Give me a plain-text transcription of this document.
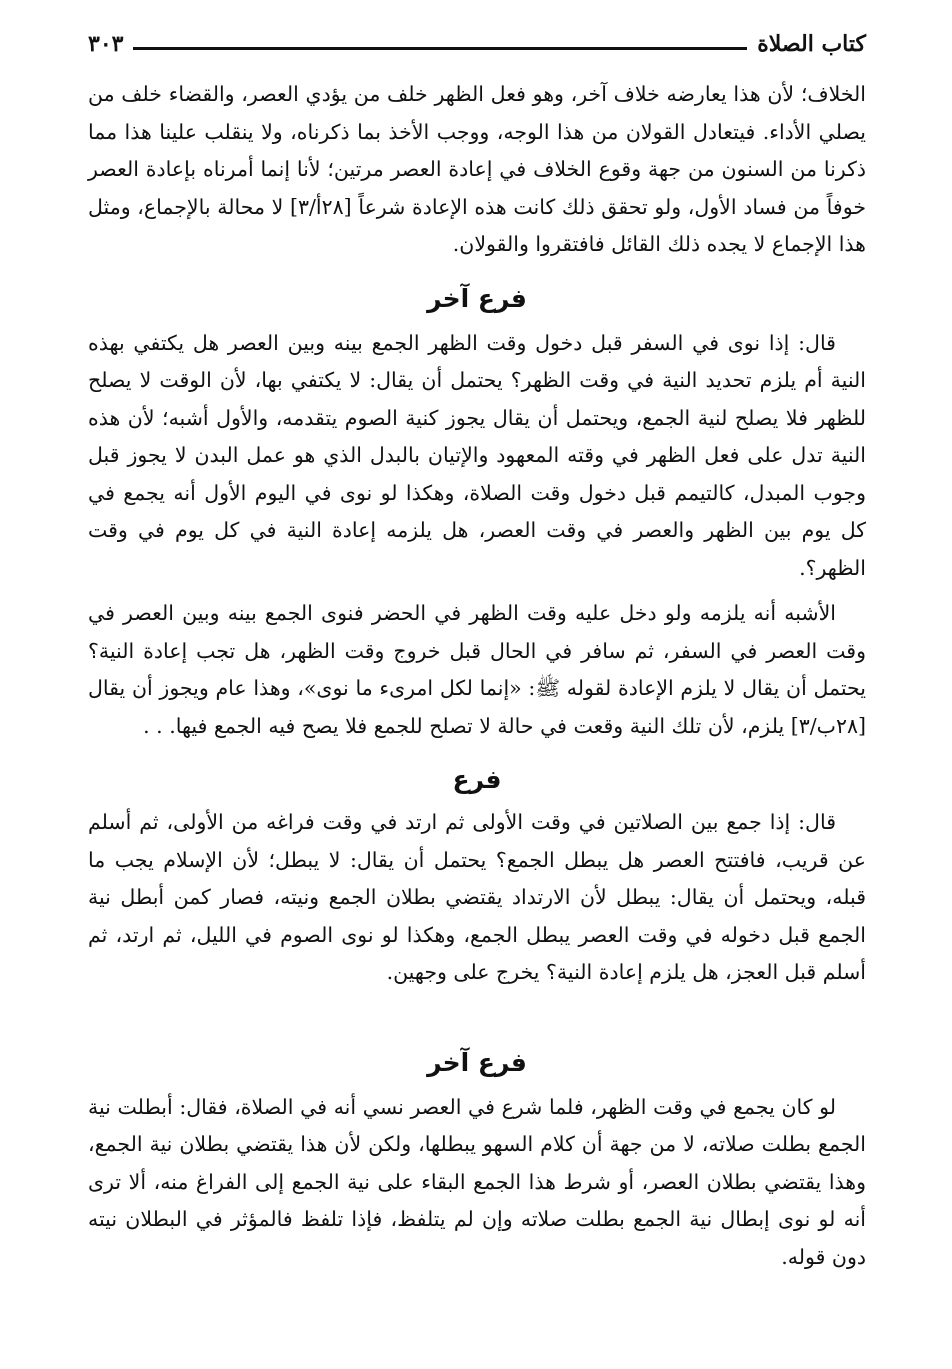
كتاب الصلاة
٣٠٣

الخلاف؛ لأن هذا يعارضه خلاف آخر، وهو فعل الظهر خلف من يؤدي العصر، والقضاء خلف من يصلي الأداء. فيتعادل القولان من هذا الوجه، ووجب الأخذ بما ذكرناه، ولا ينقلب علينا هذا مما ذكرنا من السنون من جهة وقوع الخلاف في إعادة العصر مرتين؛ لأنا إنما أمرناه بإعادة العصر خوفاً من فساد الأول، ولو تحقق ذلك كانت هذه الإعادة شرعاً [٢٨أ/٣] لا محالة بالإجماع، ومثل هذا الإجماع لا يجده ذلك القائل فافتقروا والقولان.

فرع آخر

قال: إذا نوى في السفر قبل دخول وقت الظهر الجمع بينه وبين العصر هل يكتفي بهذه النية أم يلزم تحديد النية في وقت الظهر؟ يحتمل أن يقال: لا يكتفي بها، لأن الوقت لا يصلح للظهر فلا يصلح لنية الجمع، ويحتمل أن يقال يجوز كنية الصوم يتقدمه، والأول أشبه؛ لأن هذه النية تدل على فعل الظهر في وقته المعهود والإتيان بالبدل الذي هو عمل البدن لا يجوز قبل وجوب المبدل، كالتيمم قبل دخول وقت الصلاة، وهكذا لو نوى في اليوم الأول أنه يجمع في كل يوم بين الظهر والعصر في وقت العصر، هل يلزمه إعادة النية في كل يوم في وقت الظهر؟.

الأشبه أنه يلزمه ولو دخل عليه وقت الظهر في الحضر فنوى الجمع بينه وبين العصر في وقت العصر في السفر، ثم سافر في الحال قبل خروج وقت الظهر، هل تجب إعادة النية؟ يحتمل أن يقال لا يلزم الإعادة لقوله ﷺ: «إنما لكل امرىء ما نوى»، وهذا عام ويجوز أن يقال [٢٨ب/٣] يلزم، لأن تلك النية وقعت في حالة لا تصلح للجمع فلا يصح فيه الجمع فيها. . .

فرع

قال: إذا جمع بين الصلاتين في وقت الأولى ثم ارتد في وقت فراغه من الأولى، ثم أسلم عن قريب، فافتتح العصر هل يبطل الجمع؟ يحتمل أن يقال: لا يبطل؛ لأن الإسلام يجب ما قبله، ويحتمل أن يقال: يبطل لأن الارتداد يقتضي بطلان الجمع ونيته، فصار كمن أبطل نية الجمع قبل دخوله في وقت العصر يبطل الجمع، وهكذا لو نوى الصوم في الليل، ثم ارتد، ثم أسلم قبل العجز، هل يلزم إعادة النية؟ يخرج على وجهين.

فرع آخر

لو كان يجمع في وقت الظهر، فلما شرع في العصر نسي أنه في الصلاة، فقال: أبطلت نية الجمع بطلت صلاته، لا من جهة أن كلام السهو يبطلها، ولكن لأن هذا يقتضي بطلان نية الجمع، وهذا يقتضي بطلان العصر، أو شرط هذا الجمع البقاء على نية الجمع إلى الفراغ منه، ألا ترى أنه لو نوى إبطال نية الجمع بطلت صلاته وإن لم يتلفظ، فإذا تلفظ فالمؤثر في البطلان نيته دون قوله.
